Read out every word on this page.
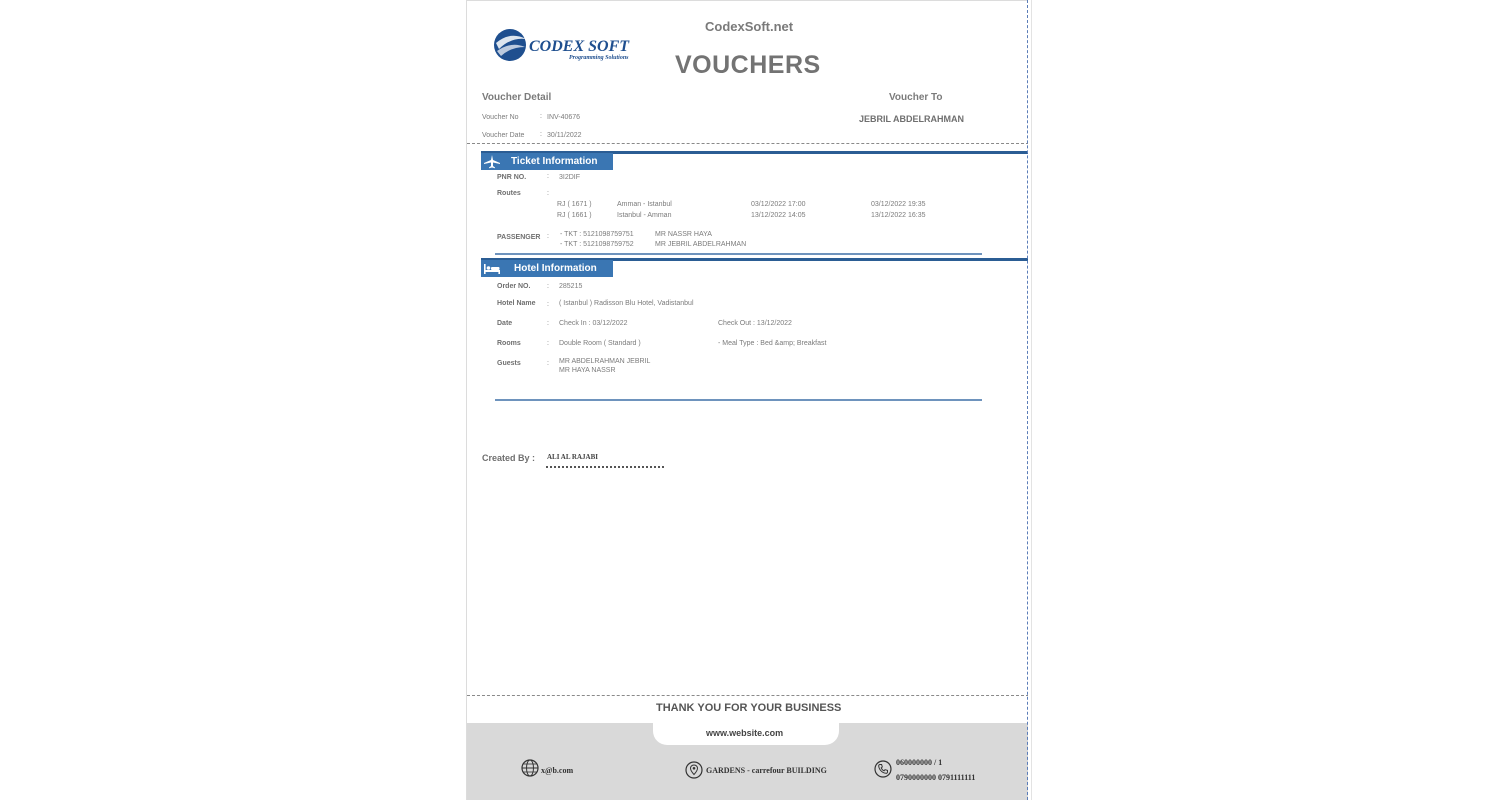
CODEX SOFT
Programming Solutions
CodexSoft.net
VOUCHERS
Voucher Detail
Voucher No	: INV-40676
Voucher Date : 30/11/2022
Voucher To
JEBRIL ABDELRAHMAN
Ticket Information
PNR NO.	: 3I2DIF
Routes	:
RJ ( 1671 )	Amman - Istanbul	03/12/2022 17:00	03/12/2022 19:35
RJ ( 1661 )	Istanbul - Amman	13/12/2022 14:05	13/12/2022 16:35
PASSENGER : - TKT : 5121098759751	MR NASSR HAYA
- TKT : 5121098759752	MR JEBRIL ABDELRAHMAN
Hotel Information
Order NO. : 285215
Hotel Name : ( Istanbul ) Radisson Blu Hotel, Vadistanbul
Date	: Check In : 03/12/2022	Check Out : 13/12/2022
Rooms	: Double Room ( Standard )	- Meal Type : Bed &amp; Breakfast
Guests	: MR ABDELRAHMAN JEBRIL
MR HAYA NASSR
Created By : ALI AL RAJABI
THANK YOU FOR YOUR BUSINESS
www.website.com
x@b.com	GARDENS - carrefour BUILDING
060000000 / 1
0790000000 0791111111
